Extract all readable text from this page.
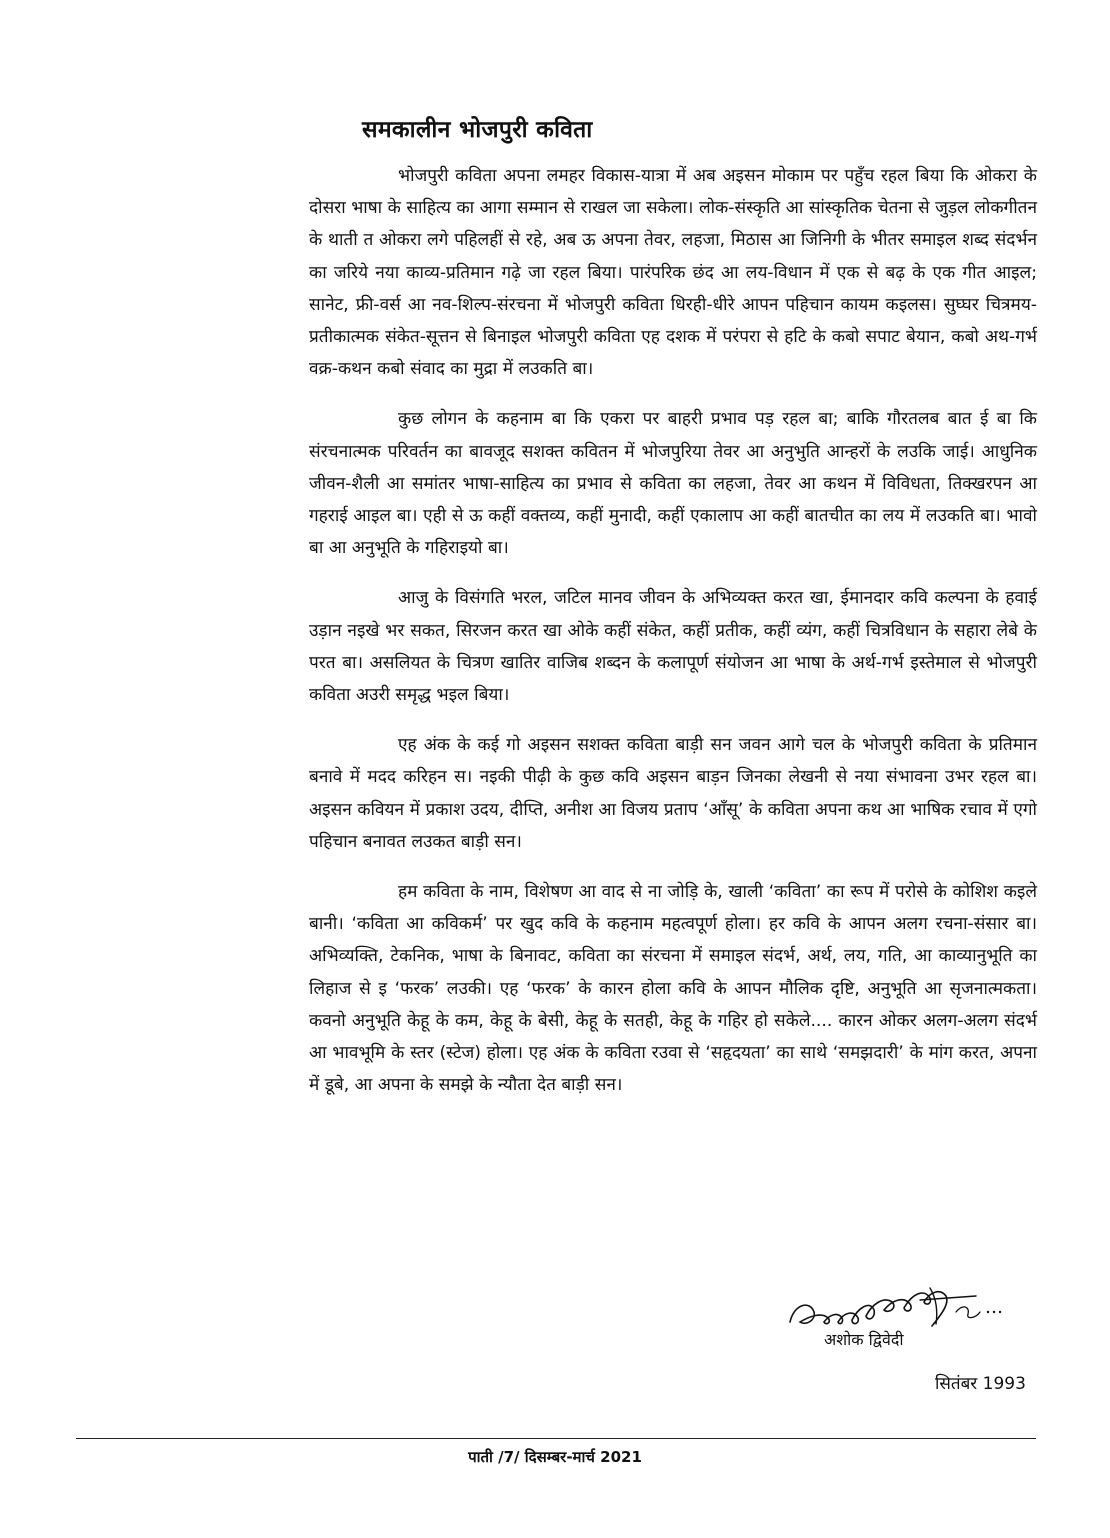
समकालीन भोजपुरी कविता

भोजपुरी कविता अपना लमहर विकास-यात्रा में अब अइसन मोकाम पर पहुँच रहल बिया कि ओकरा के दोसरा भाषा के साहित्य का आगा सम्मान से राखल जा सकेला। लोक-संस्कृति आ सांस्कृतिक चेतना से जुड़ल लोकगीतन के थाती त ओकरा लगे पहिलहीं से रहे, अब ऊ अपना तेवर, लहजा, मिठास आ जिनिगी के भीतर समाइल शब्द संदर्भन का जरिये नया काव्य-प्रतिमान गढ़े जा रहल बिया। पारंपरिक छंद आ लय-विधान में एक से बढ़ के एक गीत आइल; सानेट, फ्री-वर्स आ नव-शिल्प-संरचना में भोजपुरी कविता धिरही-धीरे आपन पहिचान कायम कइलस। सुघ्घर चित्रमय-प्रतीकात्मक संकेत-सूत्तन से बिनाइल भोजपुरी कविता एह दशक में परंपरा से हटि के कबो सपाट बेयान, कबो अथ-गर्भ वक्र-कथन कबो संवाद का मुद्रा में लउकति बा।

कुछ लोगन के कहनाम बा कि एकरा पर बाहरी प्रभाव पड़ रहल बा; बाकि गौरतलब बात ई बा कि संरचनात्मक परिवर्तन का बावजूद सशक्त कवितन में भोजपुरिया तेवर आ अनुभुति आन्हरों के लउकि जाई। आधुनिक जीवन-शैली आ समांतर भाषा-साहित्य का प्रभाव से कविता का लहजा, तेवर आ कथन में विविधता, तिक्खरपन आ गहराई आइल बा। एही से ऊ कहीं वक्तव्य, कहीं मुनादी, कहीं एकालाप आ कहीं बातचीत का लय में लउकति बा। भावो बा आ अनुभूति के गहिराइयो बा।

आजु के विसंगति भरल, जटिल मानव जीवन के अभिव्यक्त करत खा, ईमानदार कवि कल्पना के हवाई उड़ान नइखे भर सकत, सिरजन करत खा ओके कहीं संकेत, कहीं प्रतीक, कहीं व्यंग, कहीं चित्रविधान के सहारा लेबे के परत बा। असलियत के चित्रण खातिर वाजिब शब्दन के कलापूर्ण संयोजन आ भाषा के अर्थ-गर्भ इस्तेमाल से भोजपुरी कविता अउरी समृद्ध भइल बिया।

एह अंक के कई गो अइसन सशक्त कविता बाड़ी सन जवन आगे चल के भोजपुरी कविता के प्रतिमान बनावे में मदद करिहन स। नइकी पीढ़ी के कुछ कवि अइसन बाड़न जिनका लेखनी से नया संभावना उभर रहल बा। अइसन कवियन में प्रकाश उदय, दीप्ति, अनीश आ विजय प्रताप ‘आँसू’ के कविता अपना कथ आ भाषिक रचाव में एगो पहिचान बनावत लउकत बाड़ी सन।

हम कविता के नाम, विशेषण आ वाद से ना जोड़ि के, खाली ‘कविता’ का रूप में परोसे के कोशिश कइले बानी। ‘कविता आ कविकर्म’ पर खुद कवि के कहनाम महत्वपूर्ण होला। हर कवि के आपन अलग रचना-संसार बा। अभिव्यक्ति, टेकनिक, भाषा के बिनावट, कविता का संरचना में समाइल संदर्भ, अर्थ, लय, गति, आ काव्यानुभूति का लिहाज से इ ‘फरक’ लउकी। एह ‘फरक’ के कारन होला कवि के आपन मौलिक दृष्टि, अनुभूति आ सृजनात्मकता। कवनो अनुभूति केहू के कम, केहू के बेसी, केहू के सतही, केहू के गहिर हो सकेले.... कारन ओकर अलग-अलग संदर्भ आ भावभूमि के स्तर (स्टेज) होला। एह अंक के कविता रउवा से ‘सहृदयता’ का साथे ‘समझदारी’ के मांग करत, अपना में डूबे, आ अपना के समझे के न्यौता देत बाड़ी सन।

अशोक द्विवेदी
सितंबर 1993
पाती /7/ दिसम्बर-मार्च 2021
